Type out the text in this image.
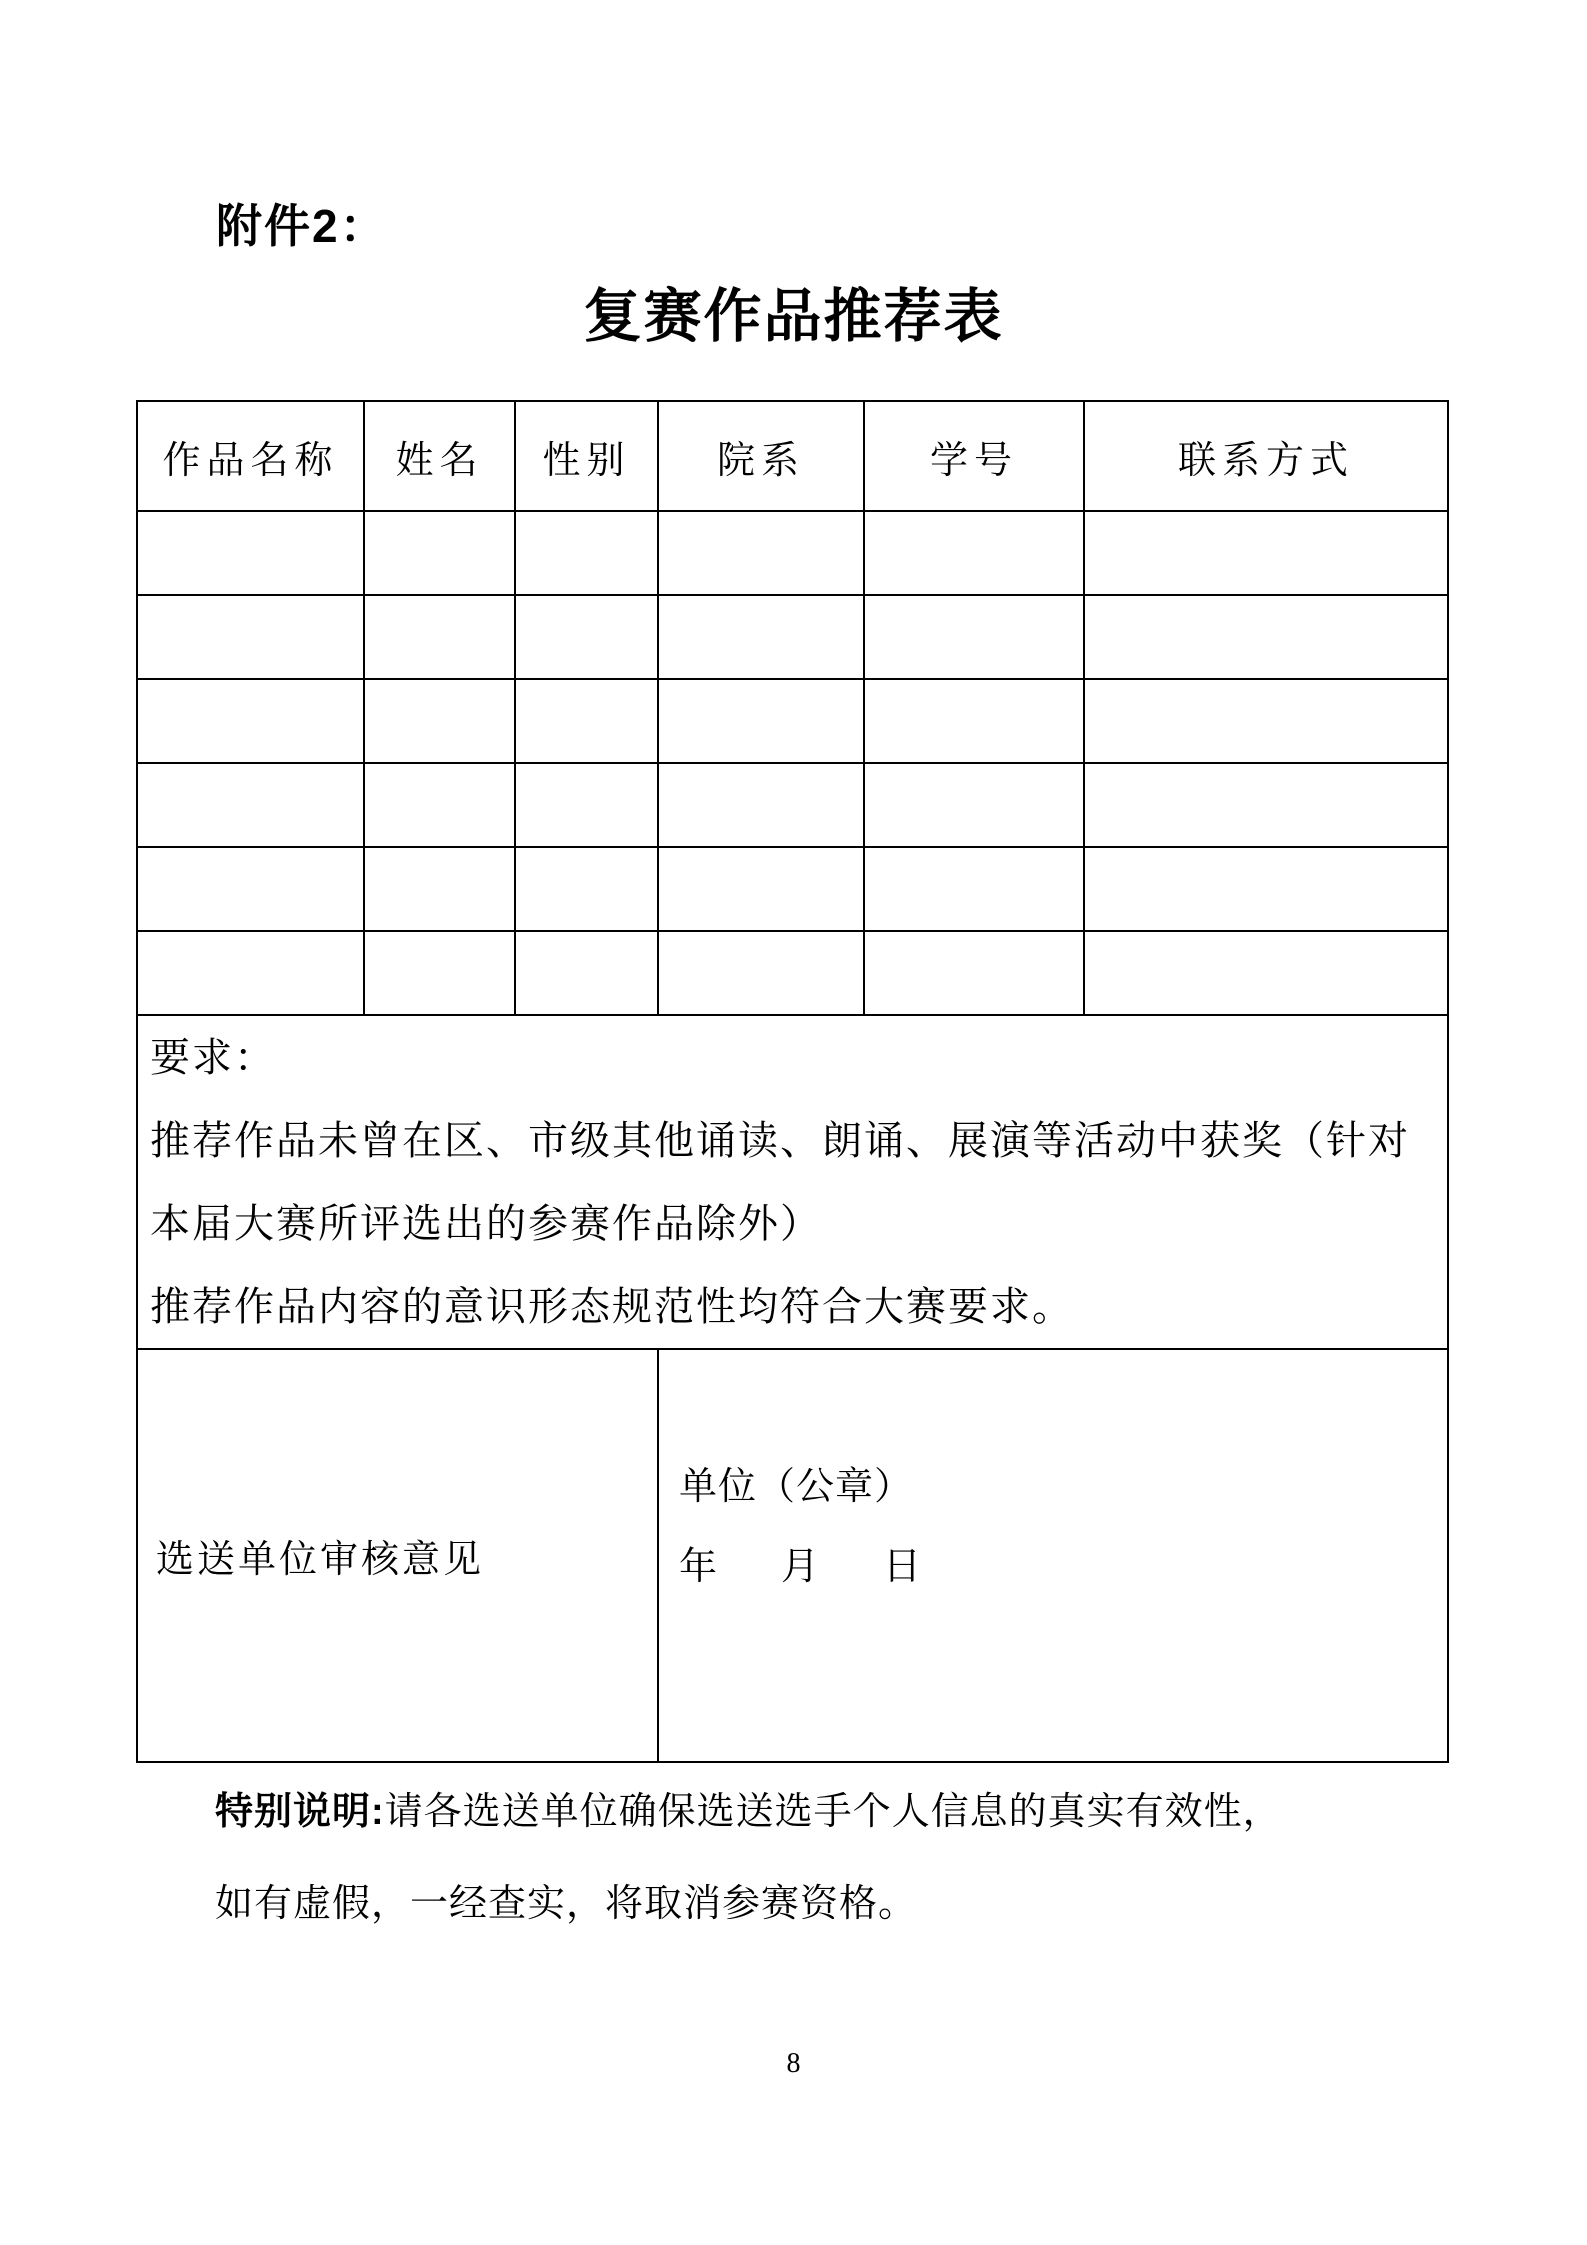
附件2：
复赛作品推荐表
作品名称	姓名	性别	院系	学号	联系方式

要求：
推荐作品未曾在区、市级其他诵读、朗诵、展演等活动中获奖（针对
本届大赛所评选出的参赛作品除外）
推荐作品内容的意识形态规范性均符合大赛要求。					

选送单位审核意见			单位（公章）
年      月      日		
特别说明:请各选送单位确保选送选手个人信息的真实有效性，
如有虚假，一经查实，将取消参赛资格。
8
